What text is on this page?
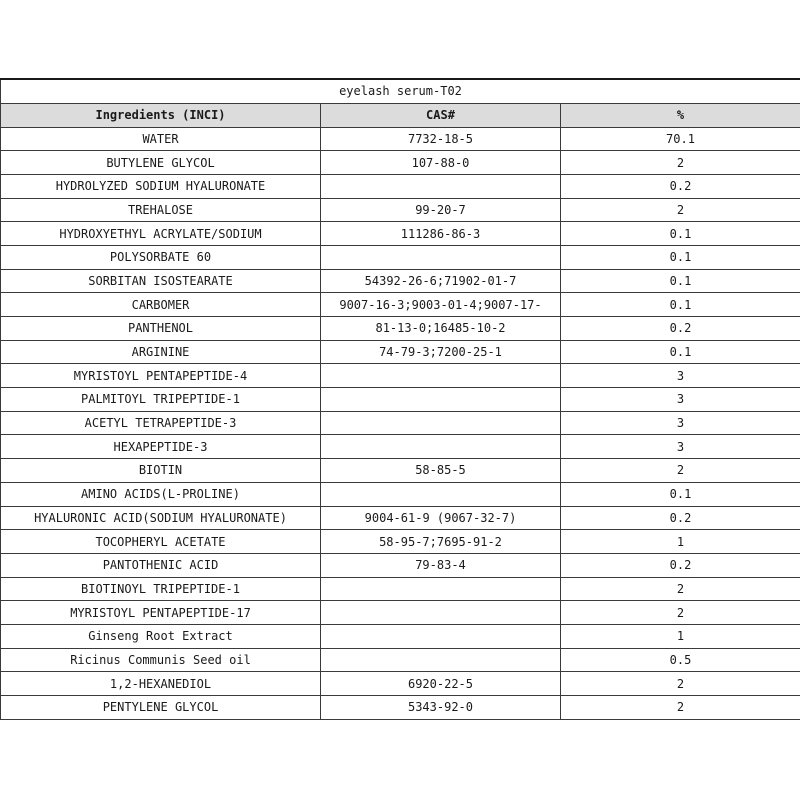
eyelash serum-T02		
Ingredients (INCI)	CAS#	%
WATER	7732-18-5	70.1
BUTYLENE GLYCOL	107-88-0	2
HYDROLYZED SODIUM HYALURONATE		0.2
TREHALOSE	99-20-7	2
HYDROXYETHYL ACRYLATE/SODIUM	111286-86-3	0.1
POLYSORBATE 60		0.1
SORBITAN ISOSTEARATE	54392-26-6;71902-01-7	0.1
CARBOMER	9007-16-3;9003-01-4;9007-17-	0.1
PANTHENOL	81-13-0;16485-10-2	0.2
ARGININE	74-79-3;7200-25-1	0.1
MYRISTOYL PENTAPEPTIDE-4		3
PALMITOYL TRIPEPTIDE-1		3
ACETYL TETRAPEPTIDE-3		3
HEXAPEPTIDE-3		3
BIOTIN	58-85-5	2
AMINO ACIDS(L-PROLINE)		0.1
HYALURONIC ACID(SODIUM HYALURONATE)	9004-61-9 (9067-32-7)	0.2
TOCOPHERYL ACETATE	58-95-7;7695-91-2	1
PANTOTHENIC ACID	79-83-4	0.2
BIOTINOYL TRIPEPTIDE-1		2
MYRISTOYL PENTAPEPTIDE-17		2
Ginseng Root Extract		1
Ricinus Communis Seed oil		0.5
1,2-HEXANEDIOL	6920-22-5	2
PENTYLENE GLYCOL	5343-92-0	2
